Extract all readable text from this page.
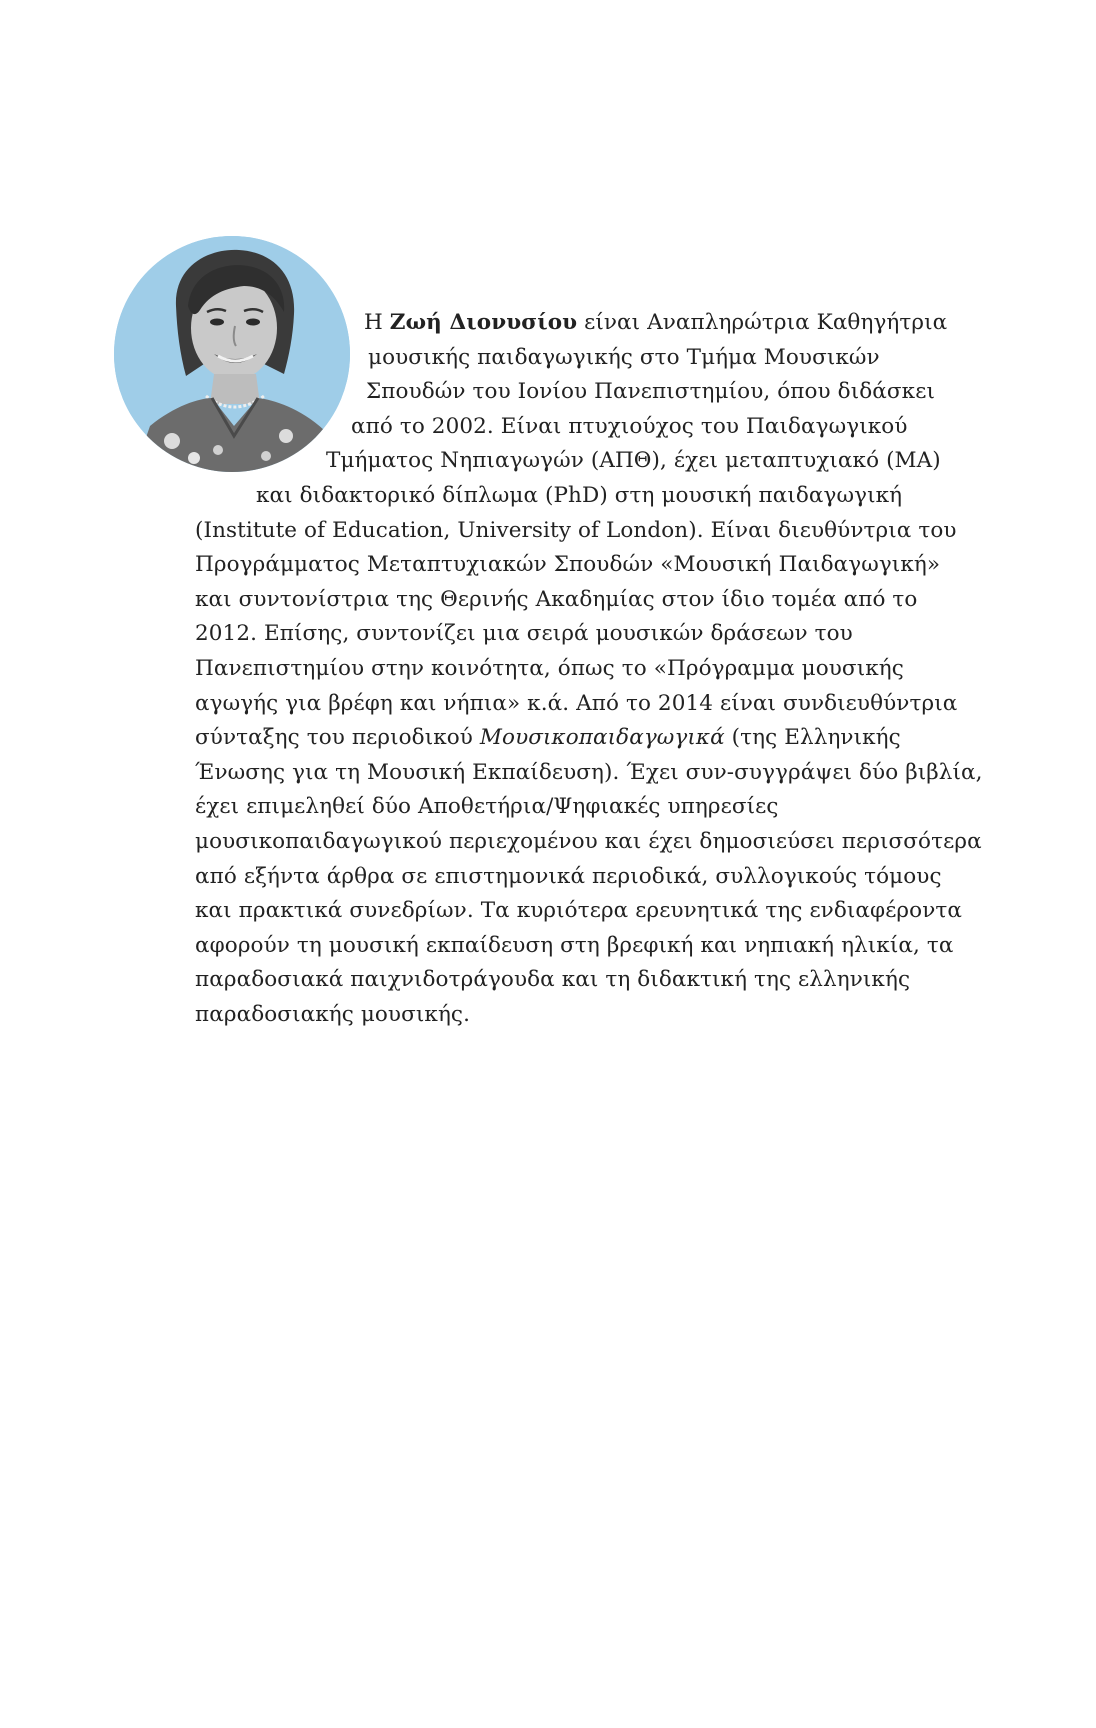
Η Ζωή Διονυσίου είναι Αναπληρώτρια Καθηγήτρια
μουσικής παιδαγωγικής στο Τμήμα Μουσικών
Σπουδών του Ιονίου Πανεπιστημίου, όπου διδάσκει
από το 2002. Είναι πτυχιούχος του Παιδαγωγικού
Τμήματος Νηπιαγωγών (ΑΠΘ), έχει μεταπτυχιακό (MA)
και διδακτορικό δίπλωμα (PhD) στη μουσική παιδαγωγική
(Institute of Education, University of London). Είναι διευθύντρια του
Προγράμματος Μεταπτυχιακών Σπουδών «Μουσική Παιδαγωγική»
και συντονίστρια της Θερινής Ακαδημίας στον ίδιο τομέα από το
2012. Επίσης, συντονίζει μια σειρά μουσικών δράσεων του
Πανεπιστημίου στην κοινότητα, όπως το «Πρόγραμμα μουσικής
αγωγής για βρέφη και νήπια» κ.ά. Από το 2014 είναι συνδιευθύντρια
σύνταξης του περιοδικού Μουσικοπαιδαγωγικά (της Ελληνικής
Ένωσης για τη Μουσική Εκπαίδευση). Έχει συν-συγγράψει δύο βιβλία,
έχει επιμεληθεί δύο Αποθετήρια/Ψηφιακές υπηρεσίες
μουσικοπαιδαγωγικού περιεχομένου και έχει δημοσιεύσει περισσότερα
από εξήντα άρθρα σε επιστημονικά περιοδικά, συλλογικούς τόμους
και πρακτικά συνεδρίων. Τα κυριότερα ερευνητικά της ενδιαφέροντα
αφορούν τη μουσική εκπαίδευση στη βρεφική και νηπιακή ηλικία, τα
παραδοσιακά παιχνιδοτράγουδα και τη διδακτική της ελληνικής
παραδοσιακής μουσικής.
